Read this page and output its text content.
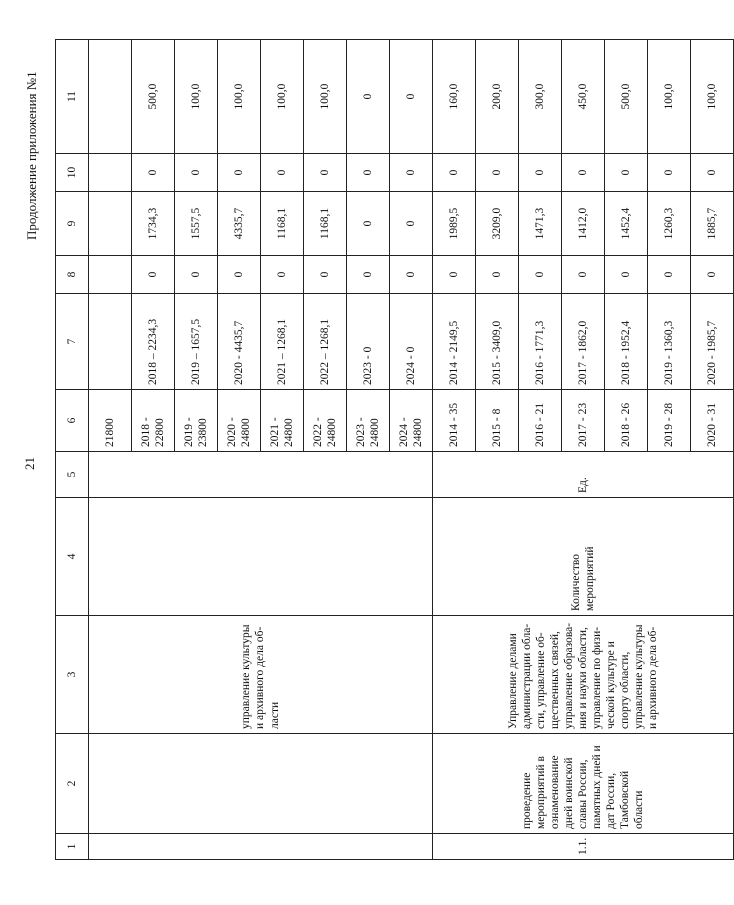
21
Продолжение приложения №1
1	2	3	4	5	6	7	8	9	10	11
		управление культуры и архивного дела об-ласти			21800					
					2018 - 22800	2018 – 2234,3	0	1734,3	0	500,0
					2019 - 23800	2019 – 1657,5	0	1557,5	0	100,0
					2020 - 24800	2020 - 4435,7	0	4335,7	0	100,0
					2021 - 24800	2021 – 1268,1	0	1168,1	0	100,0
					2022 - 24800	2022 – 1268,1	0	1168,1	0	100,0
					2023 - 24800	2023 - 0	0	0	0	0
					2024 - 24800	2024 - 0	0	0	0	0
1.1.	проведение мероприятий в ознаменование дней воинской славы России, памятных дней и дат России, Тамбовской области	Управление делами администрации обла-сти, управление об-щественных связей, управление образова-ния и науки области, управление по физи-ческой культуре и спорту области, управление культуры и архивного дела об-	Количество мероприятий	Ед.	2014 - 35	2014 - 2149,5	0	1989,5	0	160,0
					2015 - 8	2015 - 3409,0	0	3209,0	0	200,0
					2016 - 21	2016 - 1771,3	0	1471,3	0	300,0
					2017 - 23	2017 - 1862,0	0	1412,0	0	450,0
					2018 - 26	2018 - 1952,4	0	1452,4	0	500,0
					2019 - 28	2019 - 1360,3	0	1260,3	0	100,0
					2020 - 31	2020 - 1985,7	0	1885,7	0	100,0
